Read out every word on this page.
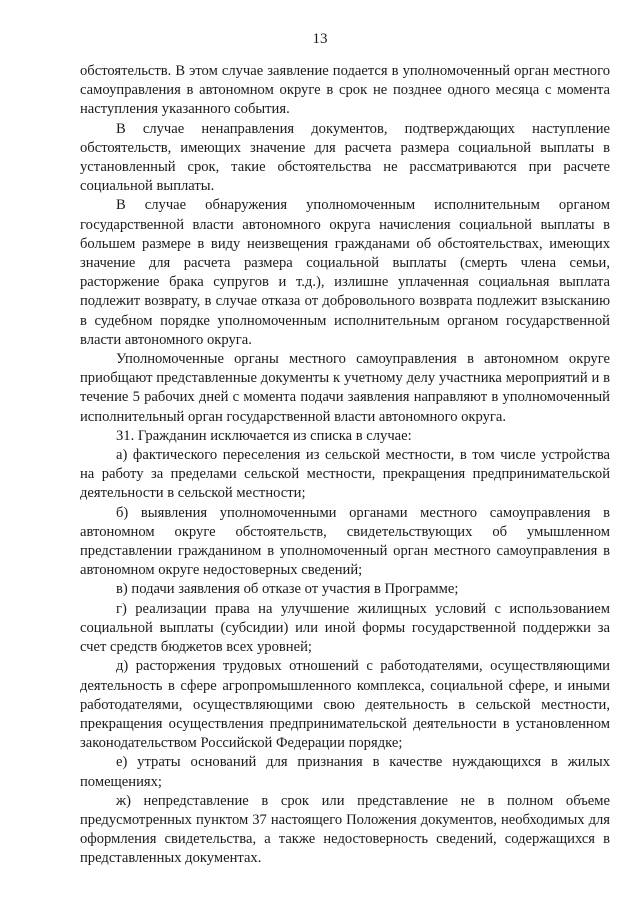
13

обстоятельств. В этом случае заявление подается в уполномоченный орган местного самоуправления в автономном округе в срок не позднее одного месяца с момента наступления указанного события.

В случае ненаправления документов, подтверждающих наступление обстоятельств, имеющих значение для расчета размера социальной выплаты в установленный срок, такие обстоятельства не рассматриваются при расчете социальной выплаты.

В случае обнаружения уполномоченным исполнительным органом государственной власти автономного округа начисления социальной выплаты в большем размере в виду неизвещения гражданами об обстоятельствах, имеющих значение для расчета размера социальной выплаты (смерть члена семьи, расторжение брака супругов и т.д.), излишне уплаченная социальная выплата подлежит возврату, в случае отказа от добровольного возврата подлежит взысканию в судебном порядке уполномоченным исполнительным органом государственной власти автономного округа.

Уполномоченные органы местного самоуправления в автономном округе приобщают представленные документы к учетному делу участника мероприятий и в течение 5 рабочих дней с момента подачи заявления направляют в уполномоченный исполнительный орган государственной власти автономного округа.

31. Гражданин исключается из списка в случае:

а) фактического переселения из сельской местности, в том числе устройства на работу за пределами сельской местности, прекращения предпринимательской деятельности в сельской местности;

б) выявления уполномоченными органами местного самоуправления в автономном округе обстоятельств, свидетельствующих об умышленном представлении гражданином в уполномоченный орган местного самоуправления в автономном округе недостоверных сведений;

в) подачи заявления об отказе от участия в Программе;

г) реализации права на улучшение жилищных условий с использованием социальной выплаты (субсидии) или иной формы государственной поддержки за счет средств бюджетов всех уровней;

д) расторжения трудовых отношений с работодателями, осуществляющими деятельность в сфере агропромышленного комплекса, социальной сфере, и иными работодателями, осуществляющими свою деятельность в сельской местности, прекращения осуществления предпринимательской деятельности в установленном законодательством Российской Федерации порядке;

е) утраты оснований для признания в качестве нуждающихся в жилых помещениях;

ж) непредставление в срок или представление не в полном объеме предусмотренных пунктом 37 настоящего Положения документов, необходимых для оформления свидетельства, а также недостоверность сведений, содержащихся в представленных документах.
